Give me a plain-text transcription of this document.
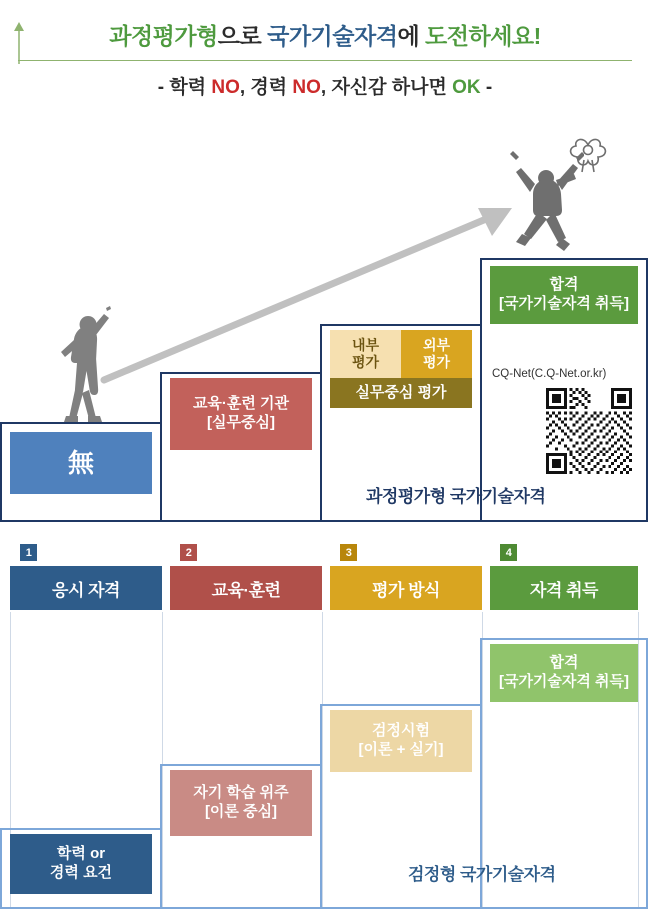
과정평가형으로 국가기술자격에 도전하세요!
- 학력 NO, 경력 NO, 자신감 하나면 OK -
無
교육·훈련 기관
[실무중심]
내부
평가
외부
평가
실무중심 평가
합격
[국가기술자격 취득]
CQ-Net(C.Q-Net.or.kr)
과정평가형 국가기술자격
1
응시 자격
2
교육·훈련
3
평가 방식
4
자격 취득
학력 or
경력 요건
자기 학습 위주
[이론 중심]
검정시험
[이론 + 실기]
합격
[국가기술자격 취득]
검정형 국가기술자격
